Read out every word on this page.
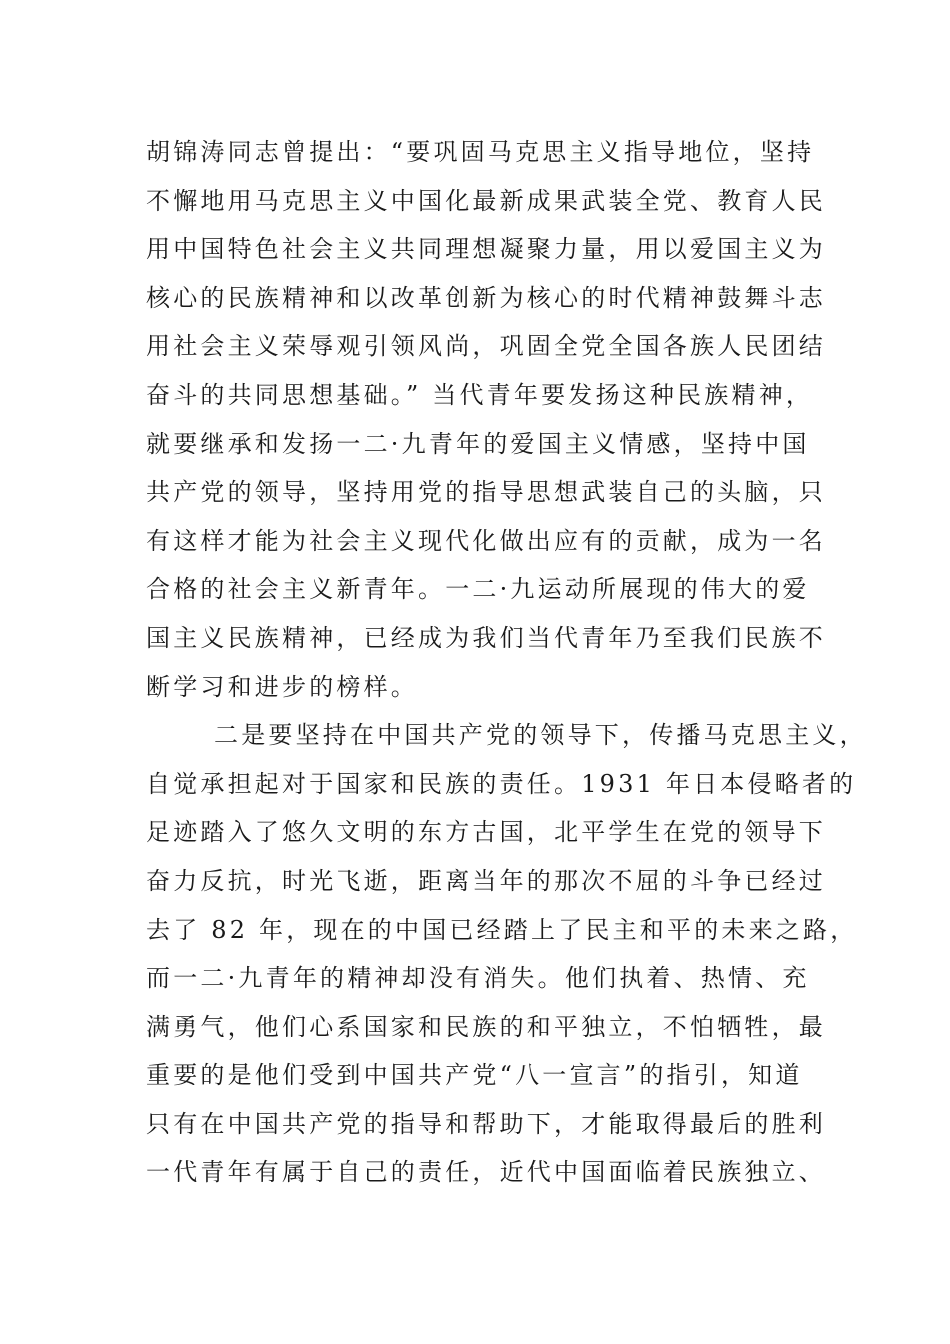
胡锦涛同志曾提出：“要巩固马克思主义指导地位，坚持
不懈地用马克思主义中国化最新成果武装全党、教育人民
用中国特色社会主义共同理想凝聚力量，用以爱国主义为
核心的民族精神和以改革创新为核心的时代精神鼓舞斗志
用社会主义荣辱观引领风尚，巩固全党全国各族人民团结
奋斗的共同思想基础。” 当代青年要发扬这种民族精神，
就要继承和发扬一二·九青年的爱国主义情感，坚持中国
共产党的领导，坚持用党的指导思想武装自己的头脑，只
有这样才能为社会主义现代化做出应有的贡献，成为一名
合格的社会主义新青年。一二·九运动所展现的伟大的爱
国主义民族精神，已经成为我们当代青年乃至我们民族不
断学习和进步的榜样。
二是要坚持在中国共产党的领导下，传播马克思主义，
自觉承担起对于国家和民族的责任。1931 年日本侵略者的
足迹踏入了悠久文明的东方古国，北平学生在党的领导下
奋力反抗，时光飞逝，距离当年的那次不屈的斗争已经过
去了 82 年，现在的中国已经踏上了民主和平的未来之路，
而一二·九青年的精神却没有消失。他们执着、热情、充
满勇气，他们心系国家和民族的和平独立，不怕牺牲，最
重要的是他们受到中国共产党“八一宣言”的指引，知道
只有在中国共产党的指导和帮助下，才能取得最后的胜利
一代青年有属于自己的责任，近代中国面临着民族独立、
